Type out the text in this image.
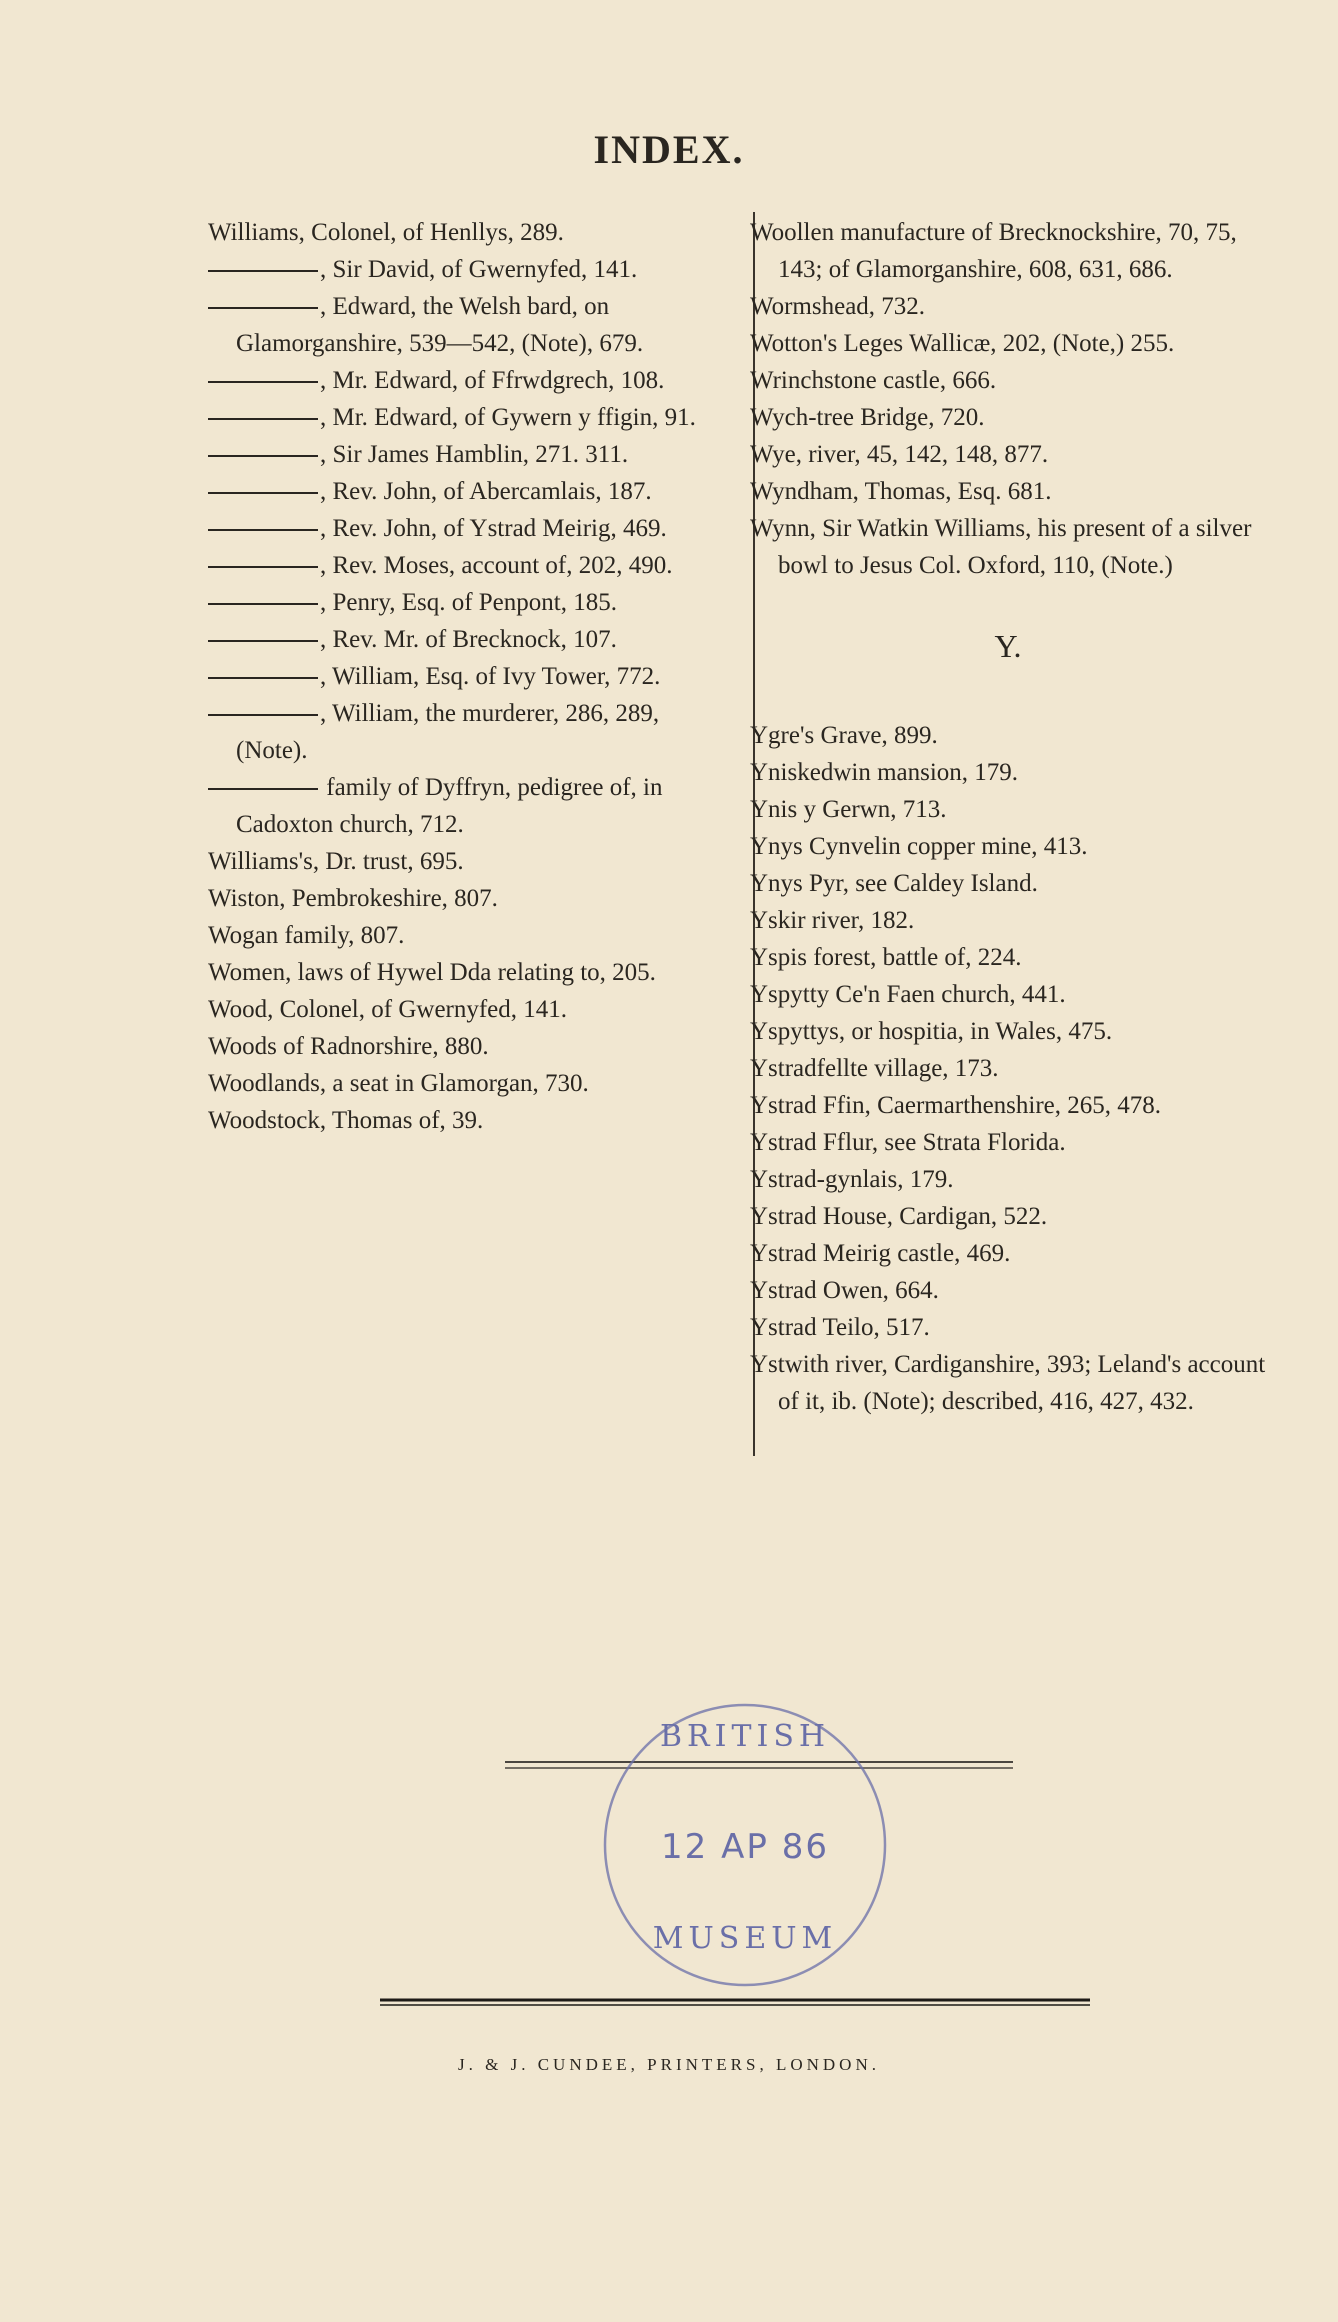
INDEX.

Williams, Colonel, of Henllys, 289.

, Sir David, of Gwernyfed, 141.

, Edward, the Welsh bard, on Glamorganshire, 539—542, (Note), 679.

, Mr. Edward, of Ffrwdgrech, 108.

, Mr. Edward, of Gywern y ffigin, 91.

, Sir James Hamblin, 271. 311.

, Rev. John, of Abercamlais, 187.

, Rev. John, of Ystrad Meirig, 469.

, Rev. Moses, account of, 202, 490.

, Penry, Esq. of Penpont, 185.

, Rev. Mr. of Brecknock, 107.

, William, Esq. of Ivy Tower, 772.

, William, the murderer, 286, 289, (Note).

family of Dyffryn, pedigree of, in Cadoxton church, 712.

Williams's, Dr. trust, 695.

Wiston, Pembrokeshire, 807.

Wogan family, 807.

Women, laws of Hywel Dda relating to, 205.

Wood, Colonel, of Gwernyfed, 141.

Woods of Radnorshire, 880.

Woodlands, a seat in Glamorgan, 730.

Woodstock, Thomas of, 39.

Woollen manufacture of Brecknockshire, 70, 75, 143; of Glamorganshire, 608, 631, 686.

Wormshead, 732.

Wotton's Leges Wallicæ, 202, (Note,) 255.

Wrinchstone castle, 666.

Wych-tree Bridge, 720.

Wye, river, 45, 142, 148, 877.

Wyndham, Thomas, Esq. 681.

Wynn, Sir Watkin Williams, his present of a silver bowl to Jesus Col. Oxford, 110, (Note.)

Y.

Ygre's Grave, 899.

Yniskedwin mansion, 179.

Ynis y Gerwn, 713.

Ynys Cynvelin copper mine, 413.

Ynys Pyr, see Caldey Island.

Yskir river, 182.

Yspis forest, battle of, 224.

Yspytty Ce'n Faen church, 441.

Yspyttys, or hospitia, in Wales, 475.

Ystradfellte village, 173.

Ystrad Ffin, Caermarthenshire, 265, 478.

Ystrad Fflur, see Strata Florida.

Ystrad-gynlais, 179.

Ystrad House, Cardigan, 522.

Ystrad Meirig castle, 469.

Ystrad Owen, 664.

Ystrad Teilo, 517.

Ystwith river, Cardiganshire, 393; Leland's account of it, ib. (Note); described, 416, 427, 432.

BRITISH
12 AP 86
MUSEUM
J. & J. CUNDEE, PRINTERS, LONDON.
